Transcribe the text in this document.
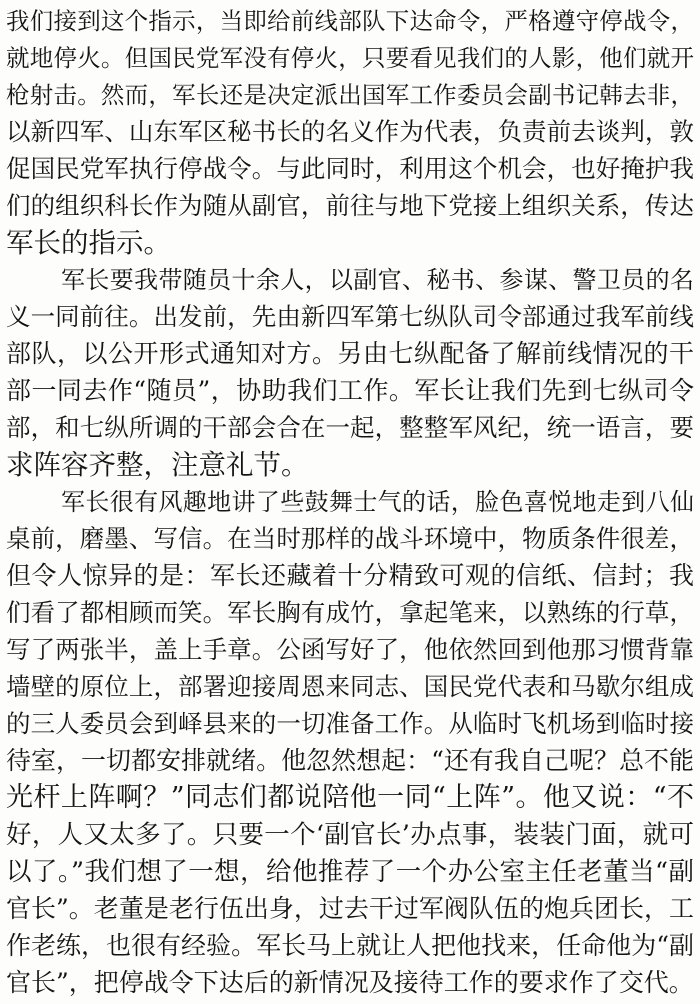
我们接到这个指示，当即给前线部队下达命令，严格遵守停战令，
就地停火。但国民党军没有停火，只要看见我们的人影，他们就开
枪射击。然而，军长还是决定派出国军工作委员会副书记韩去非，
以新四军、山东军区秘书长的名义作为代表，负责前去谈判，敦
促国民党军执行停战令。与此同时，利用这个机会，也好掩护我
们的组织科长作为随从副官，前往与地下党接上组织关系，传达
军长的指示。
军长要我带随员十余人，以副官、秘书、参谋、警卫员的名
义一同前往。出发前，先由新四军第七纵队司令部通过我军前线
部队，以公开形式通知对方。另由七纵配备了解前线情况的干
部一同去作“随员”，协助我们工作。军长让我们先到七纵司令
部，和七纵所调的干部会合在一起，整整军风纪，统一语言，要
求阵容齐整，注意礼节。
军长很有风趣地讲了些鼓舞士气的话，脸色喜悦地走到八仙
桌前，磨墨、写信。在当时那样的战斗环境中，物质条件很差，
但令人惊异的是：军长还藏着十分精致可观的信纸、信封；我
们看了都相顾而笑。军长胸有成竹，拿起笔来，以熟练的行草，
写了两张半，盖上手章。公函写好了，他依然回到他那习惯背靠
墙壁的原位上，部署迎接周恩来同志、国民党代表和马歇尔组成
的三人委员会到峄县来的一切准备工作。从临时飞机场到临时接
待室，一切都安排就绪。他忽然想起：“还有我自己呢？总不能
光杆上阵啊？”同志们都说陪他一同“上阵”。他又说：“不
好，人又太多了。只要一个‘副官长’办点事，装装门面，就可
以了。”我们想了一想，给他推荐了一个办公室主任老董当“副
官长”。老董是老行伍出身，过去干过军阀队伍的炮兵团长，工
作老练，也很有经验。军长马上就让人把他找来，任命他为“副
官长”，把停战令下达后的新情况及接待工作的要求作了交代。
